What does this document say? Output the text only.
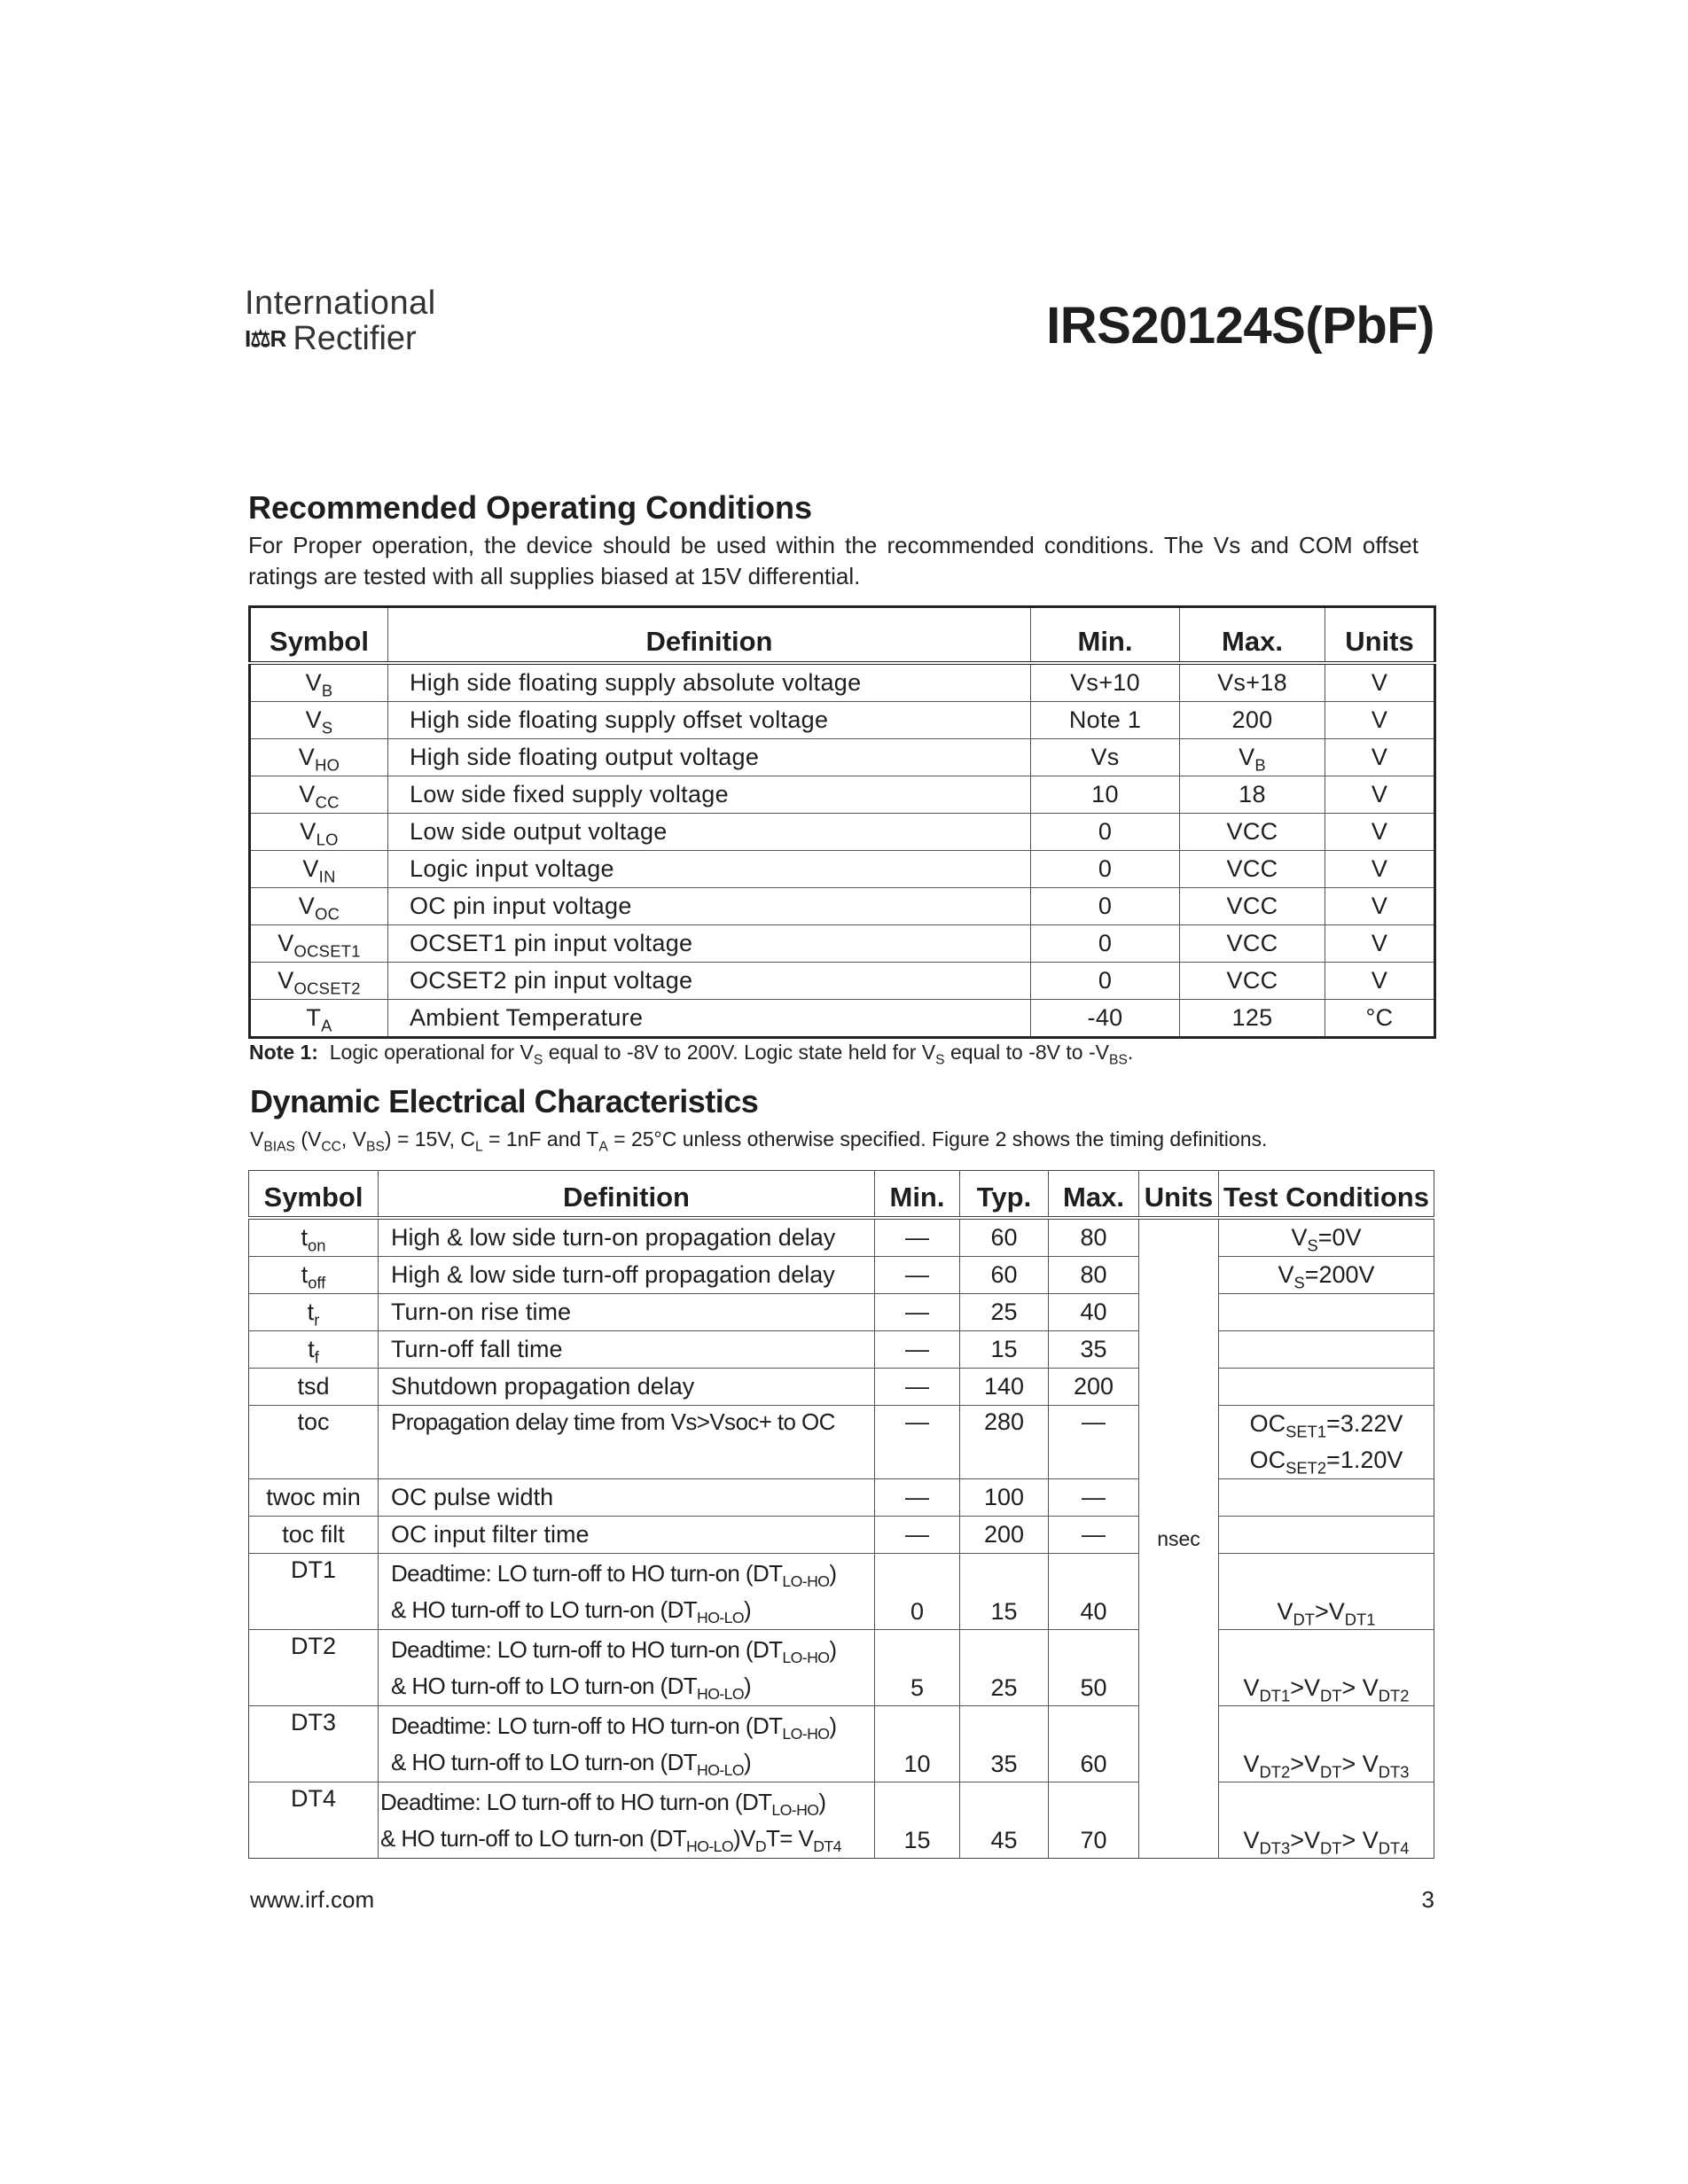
International
I⚖R Rectifier	IRS20124S(PbF)
Recommended Operating Conditions
For Proper operation, the device should be used within the recommended conditions. The Vs and COM offset ratings are tested with all supplies biased at 15V differential.
Symbol	Definition	Min.	Max.	Units
$V_B$	High side floating supply absolute voltage	Vs+10	Vs+18	V
$V_S$	High side floating supply offset voltage	Note 1	200	V
$V_{HO}$	High side floating output voltage	Vs	$V_B$	V
$V_{CC}$	Low side fixed supply voltage	10	18	V
$V_{LO}$	Low side output voltage	0	VCC	V
$V_{IN}$	Logic input voltage	0	VCC	V
$V_{OC}$	OC pin input voltage	0	VCC	V
$V_{OCSET1}$	OCSET1 pin input voltage	0	VCC	V
$V_{OCSET2}$	OCSET2 pin input voltage	0	VCC	V
$T_A$	Ambient Temperature	-40	125	°C
Note 1: Logic operational for $V_S$ equal to -8V to 200V. Logic state held for $V_S$ equal to -8V to $-V_{BS}$.
Dynamic Electrical Characteristics
$V_{BIAS}$ ($V_{CC}$, $V_{BS}) = 15V$, $C_L = 1nF$ and $T_A = 25^\circ C$ unless otherwise specified. Figure 2 shows the timing definitions.
Symbol	Definition	Min.	Typ.	Max.	Units	Test Conditions
$t_{on}$	High & low side turn-on propagation delay	—	60	80	nsec	$V_S=0V$
$t_{off}$	High & low side turn-off propagation delay	—	60	80		$V_S=200V$
$t_r$	Turn-on rise time	—	25	40		
$t_f$	Turn-off fall time	—	15	35		
tsd	Shutdown propagation delay	—	140	200		
toc	Propagation delay time from Vs>Vsoc+ to OC	—	280	—		$OC_{SET1}=3.22V$
$OC_{SET2}=1.20V$

twoc min	OC pulse width	—	100	—		
toc filt	OC input filter time	—	200	—		
DT1	Deadtime: LO turn-off to HO turn-on $(DT_{LO-HO})$
& HO turn-off to LO turn-on $(DT_{HO-LO})$	0	15	40		$V_{DT}>V_{DT1}$
DT2	Deadtime: LO turn-off to HO turn-on $(DT_{LO-HO})$
& HO turn-off to LO turn-on $(DT_{HO-LO})$	5	25	50		$V_{DT1}>V_{DT}> V_{DT2}$
DT3	Deadtime: LO turn-off to HO turn-on $(DT_{LO-HO})$
& HO turn-off to LO turn-on $(DT_{HO-LO})$	10	35	60		$V_{DT2}>V_{DT}> V_{DT3}$
DT4	Deadtime: LO turn-off to HO turn-on $(DT_{LO-HO})$
& HO turn-off to LO turn-on $(DT_{HO-LO})V_DT= V_{DT4}$	15	45	70		$V_{DT3}>V_{DT}> V_{DT4}$
www.irf.com	3
